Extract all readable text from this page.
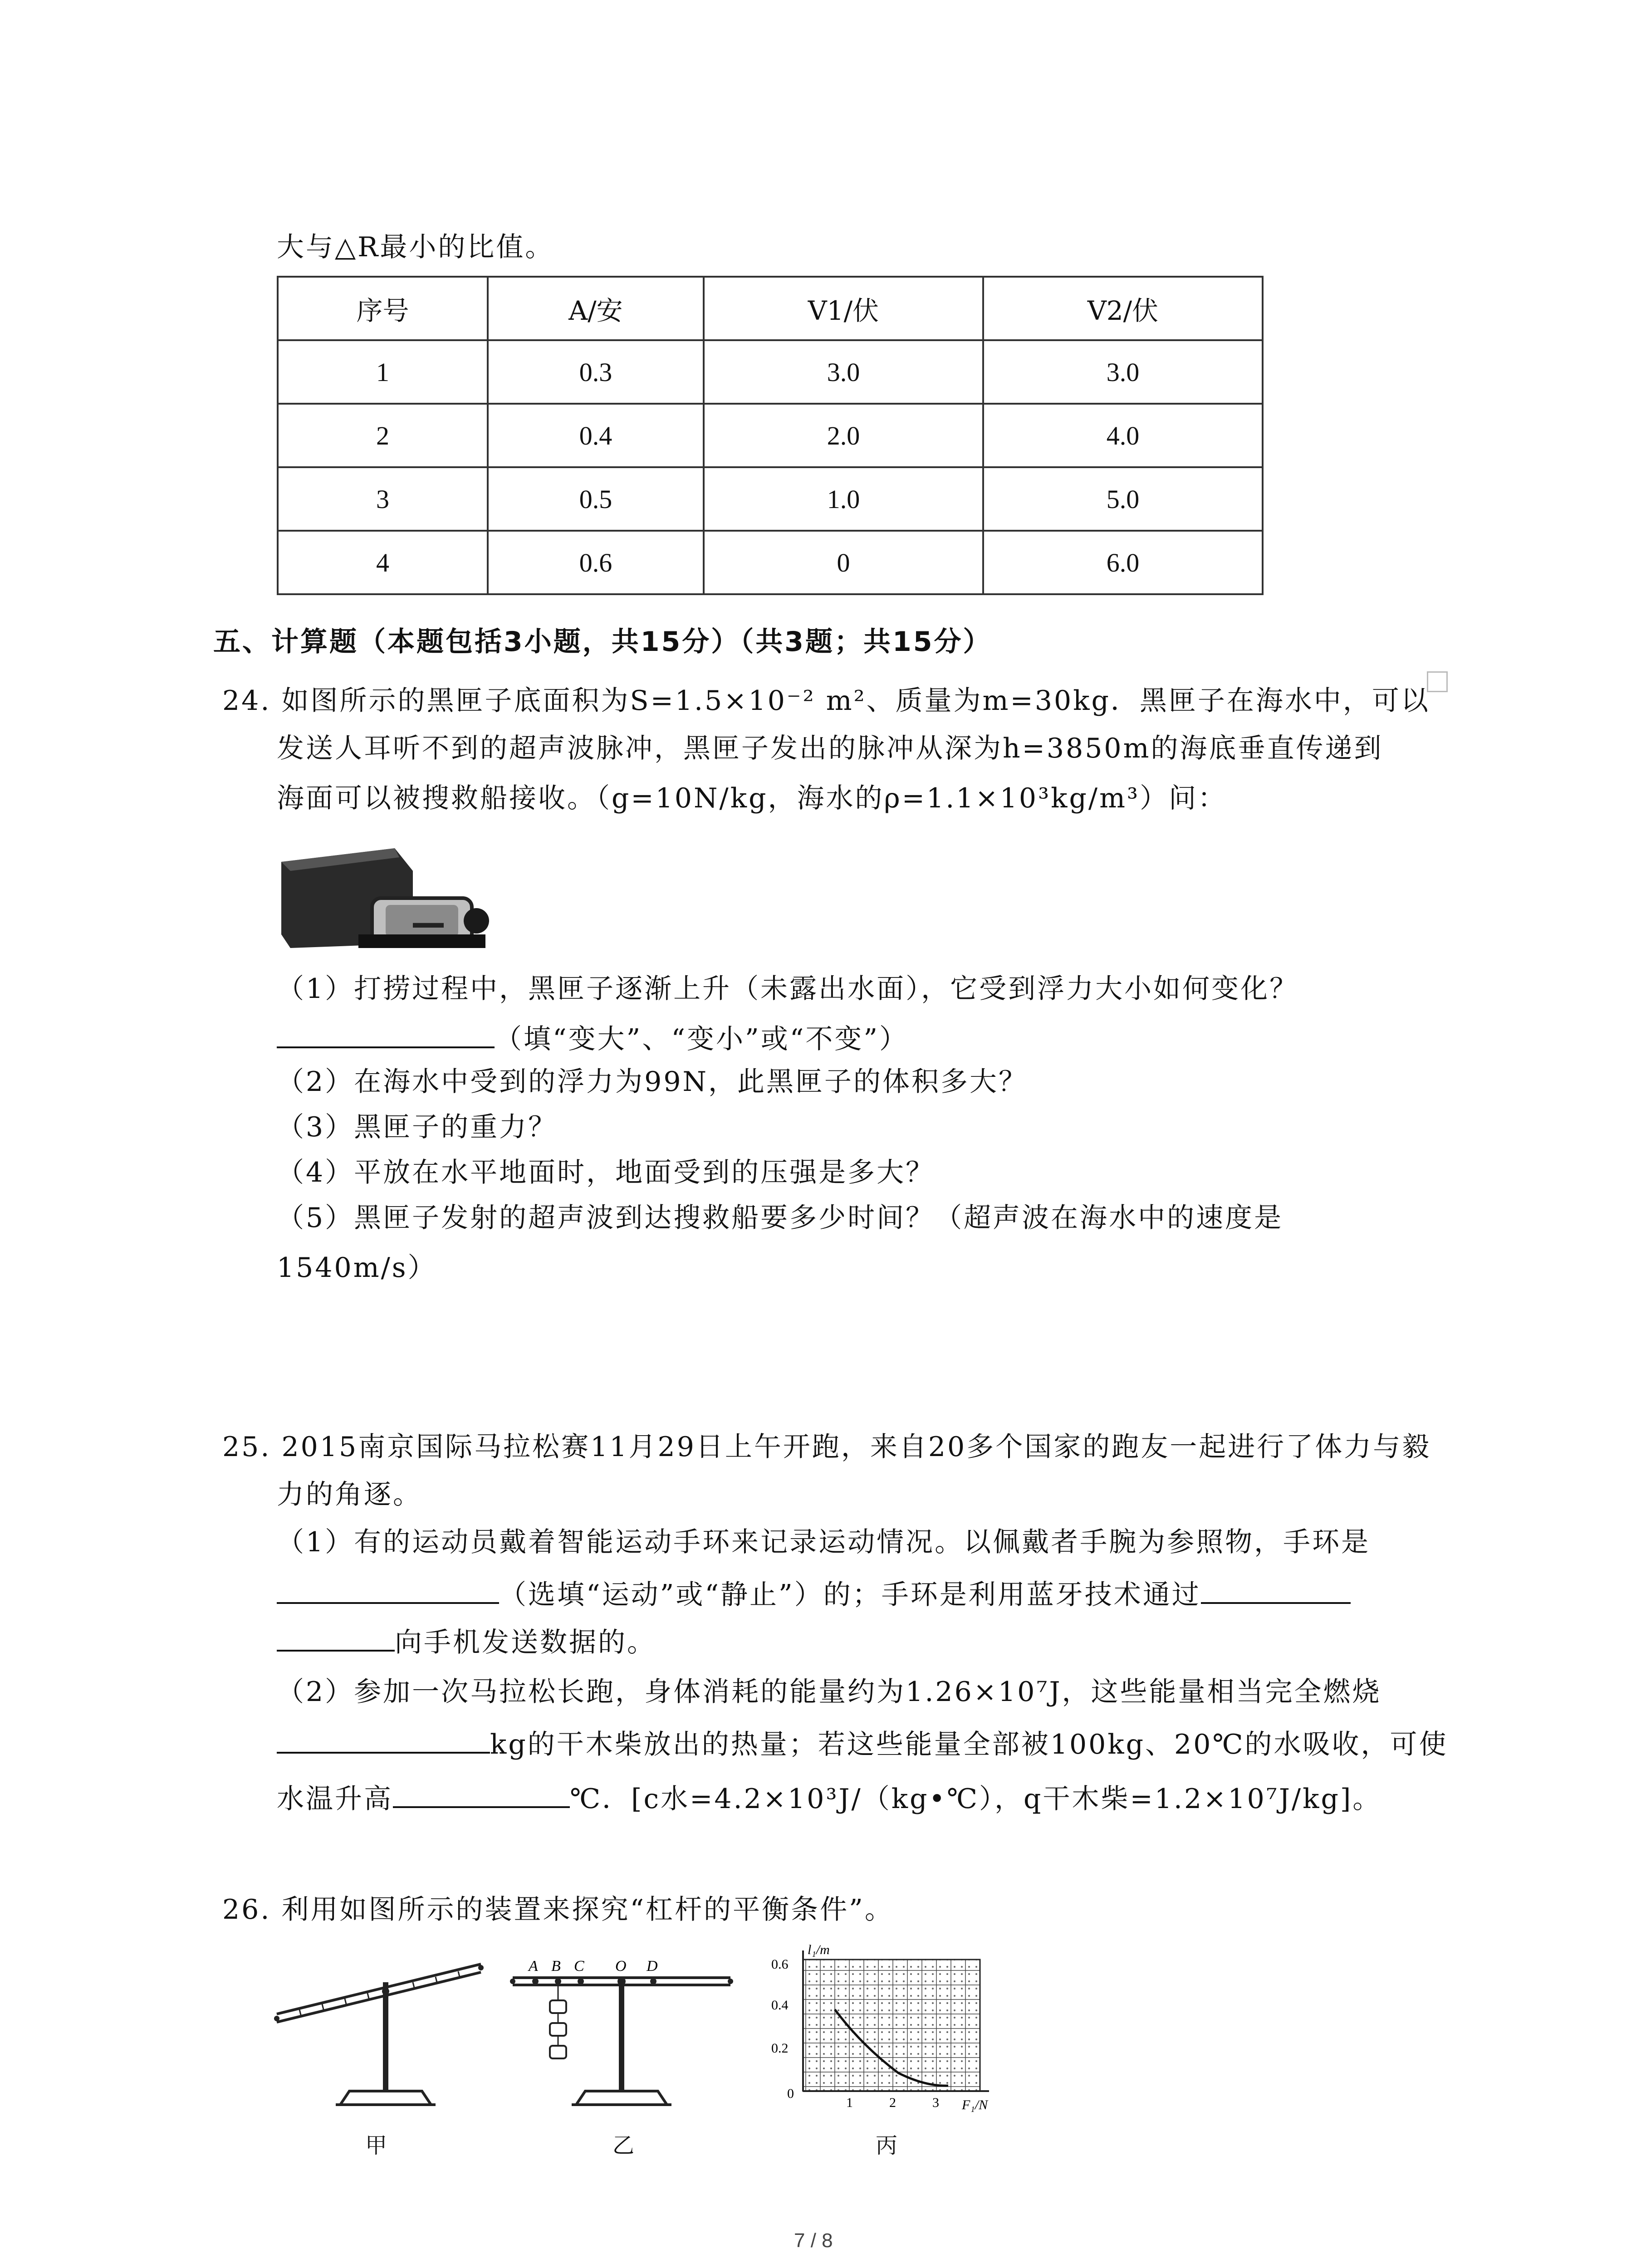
大与△R最小的比值。
序号	A/安	V1/伏	V2/伏
1	0.3	3.0	3.0
2	0.4	2.0	4.0
3	0.5	1.0	5.0
4	0.6	0	6.0
五、计算题（本题包括3小题，共15分）（共3题；共15分）
24. 如图所示的黑匣子底面积为S=1.5×10⁻² m²、质量为m=30kg．黑匣子在海水中，可以
发送人耳听不到的超声波脉冲，黑匣子发出的脉冲从深为h=3850m的海底垂直传递到
海面可以被搜救船接收。（g=10N/kg，海水的ρ=1.1×10³kg/m³）问：
▬▬
（1）打捞过程中，黑匣子逐渐上升（未露出水面），它受到浮力大小如何变化？
（填“变大”、“变小”或“不变”）
（2）在海水中受到的浮力为99N，此黑匣子的体积多大？
（3）黑匣子的重力？
（4）平放在水平地面时，地面受到的压强是多大？
（5）黑匣子发射的超声波到达搜救船要多少时间？（超声波在海水中的速度是
1540m/s）
25. 2015南京国际马拉松赛11月29日上午开跑，来自20多个国家的跑友一起进行了体力与毅
力的角逐。
（1）有的运动员戴着智能运动手环来记录运动情况。以佩戴者手腕为参照物，手环是
（选填“运动”或“静止”）的；手环是利用蓝牙技术通过
向手机发送数据的。
（2）参加一次马拉松长跑，身体消耗的能量约为1.26×10⁷J，这些能量相当完全燃烧
kg的干木柴放出的热量；若这些能量全部被100kg、20℃的水吸收，可使
水温升高	℃．[c水=4.2×10³J/（kg•℃），q干木柴=1.2×10⁷J/kg]。
26. 利用如图所示的装置来探究“杠杆的平衡条件”。
甲
A B C O D
乙
l₁/m
0.6
0.4
0.2
0
1	2	3 F₁/N
丙
7 / 8
